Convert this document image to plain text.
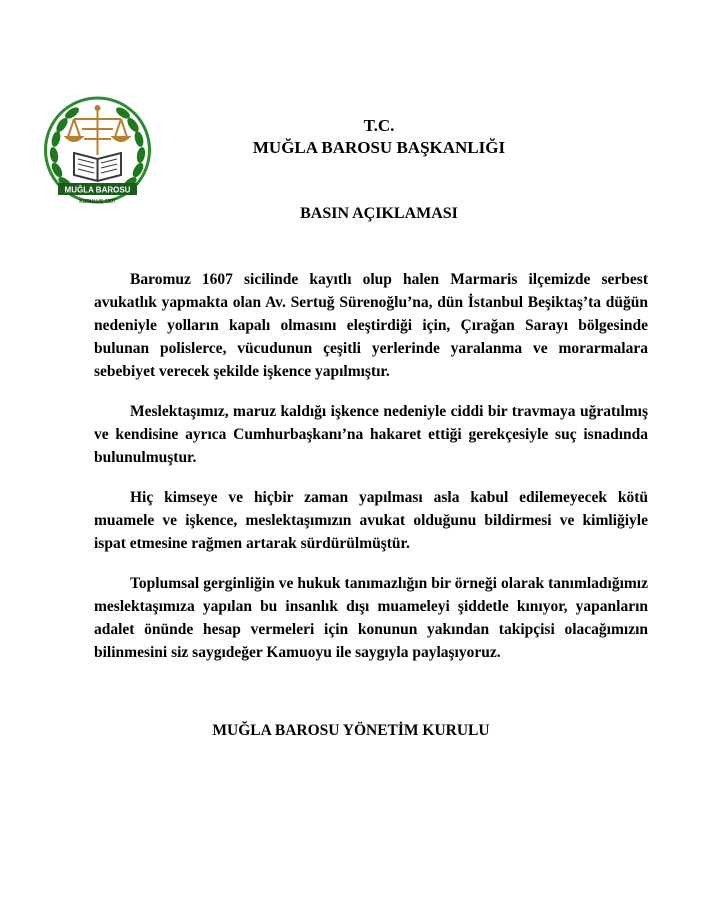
MUĞLA BAROSU
KURULUŞ 1907
T.C.
MUĞLA BAROSU BAŞKANLIĞI
BASIN AÇIKLAMASI

Baromuz 1607 sicilinde kayıtlı olup halen Marmaris ilçemizde serbest avukatlık yapmakta olan Av. Sertuğ Sürenoğlu’na, dün İstanbul Beşiktaş’ta düğün nedeniyle yolların kapalı olmasını eleştirdiği için, Çırağan Sarayı bölgesinde bulunan polislerce, vücudunun çeşitli yerlerinde yaralanma ve morarmalara sebebiyet verecek şekilde işkence yapılmıştır.

Meslektaşımız, maruz kaldığı işkence nedeniyle ciddi bir travmaya uğratılmış ve kendisine ayrıca Cumhurbaşkanı’na hakaret ettiği gerekçesiyle suç isnadında bulunulmuştur.

Hiç kimseye ve hiçbir zaman yapılması asla kabul edilemeyecek kötü muamele ve işkence, meslektaşımızın avukat olduğunu bildirmesi ve kimliğiyle ispat etmesine rağmen artarak sürdürülmüştür.

Toplumsal gerginliğin ve hukuk tanımazlığın bir örneği olarak tanımladığımız meslektaşımıza yapılan bu insanlık dışı muameleyi şiddetle kınıyor, yapanların adalet önünde hesap vermeleri için konunun yakından takipçisi olacağımızın bilinmesini siz saygıdeğer Kamuoyu ile saygıyla paylaşıyoruz.

MUĞLA BAROSU YÖNETİM KURULU
